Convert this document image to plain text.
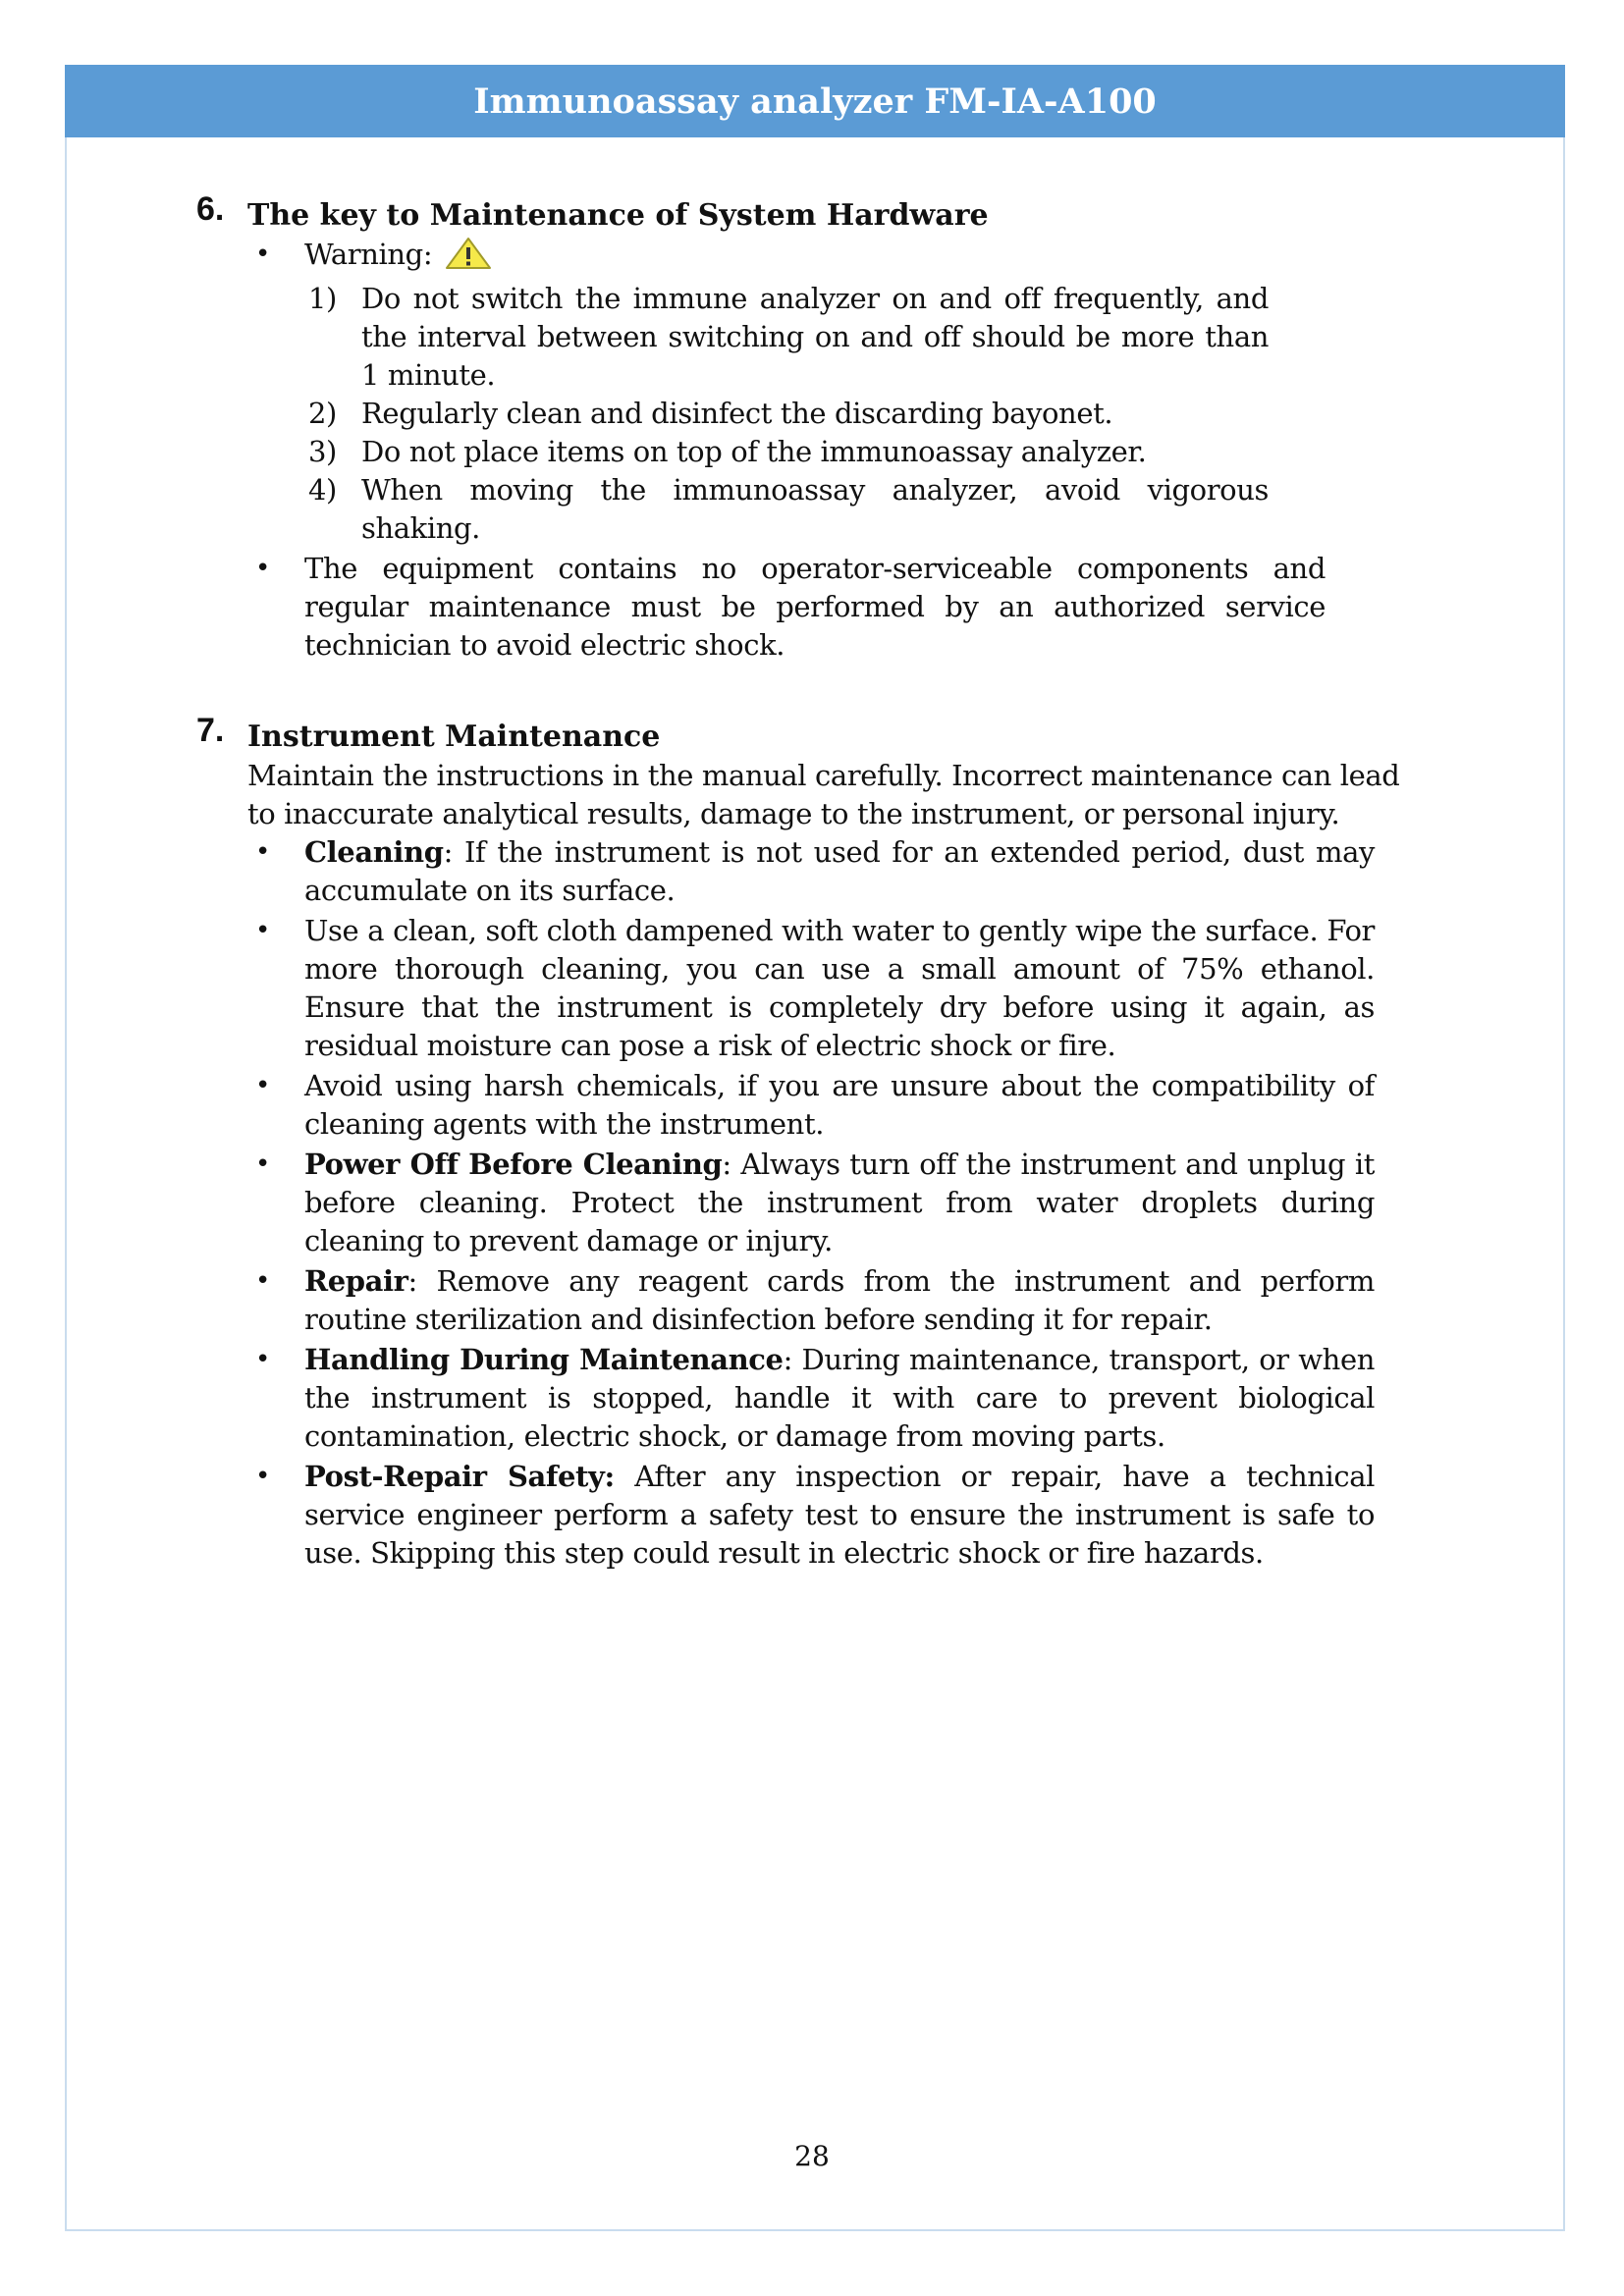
Immunoassay analyzer FM-IA-A100
6. The key to Maintenance of System Hardware
• Warning:
1) Do not switch the immune analyzer on and off frequently, and the interval between switching on and off should be more than 1 minute.
2) Regularly clean and disinfect the discarding bayonet.
3) Do not place items on top of the immunoassay analyzer.
4) When moving the immunoassay analyzer, avoid vigorous shaking.
• The equipment contains no operator-serviceable components and regular maintenance must be performed by an authorized service technician to avoid electric shock.
7. Instrument Maintenance

Maintain the instructions in the manual carefully. Incorrect maintenance can lead to inaccurate analytical results, damage to the instrument, or personal injury.

• Cleaning: If the instrument is not used for an extended period, dust may accumulate on its surface.
• Use a clean, soft cloth dampened with water to gently wipe the surface. For more thorough cleaning, you can use a small amount of 75% ethanol. Ensure that the instrument is completely dry before using it again, as residual moisture can pose a risk of electric shock or fire.
• Avoid using harsh chemicals, if you are unsure about the compatibility of cleaning agents with the instrument.
• Power Off Before Cleaning: Always turn off the instrument and unplug it before cleaning. Protect the instrument from water droplets during cleaning to prevent damage or injury.
• Repair: Remove any reagent cards from the instrument and perform routine sterilization and disinfection before sending it for repair.
• Handling During Maintenance: During maintenance, transport, or when the instrument is stopped, handle it with care to prevent biological contamination, electric shock, or damage from moving parts.
• Post-Repair Safety: After any inspection or repair, have a technical service engineer perform a safety test to ensure the instrument is safe to use. Skipping this step could result in electric shock or fire hazards.
28
